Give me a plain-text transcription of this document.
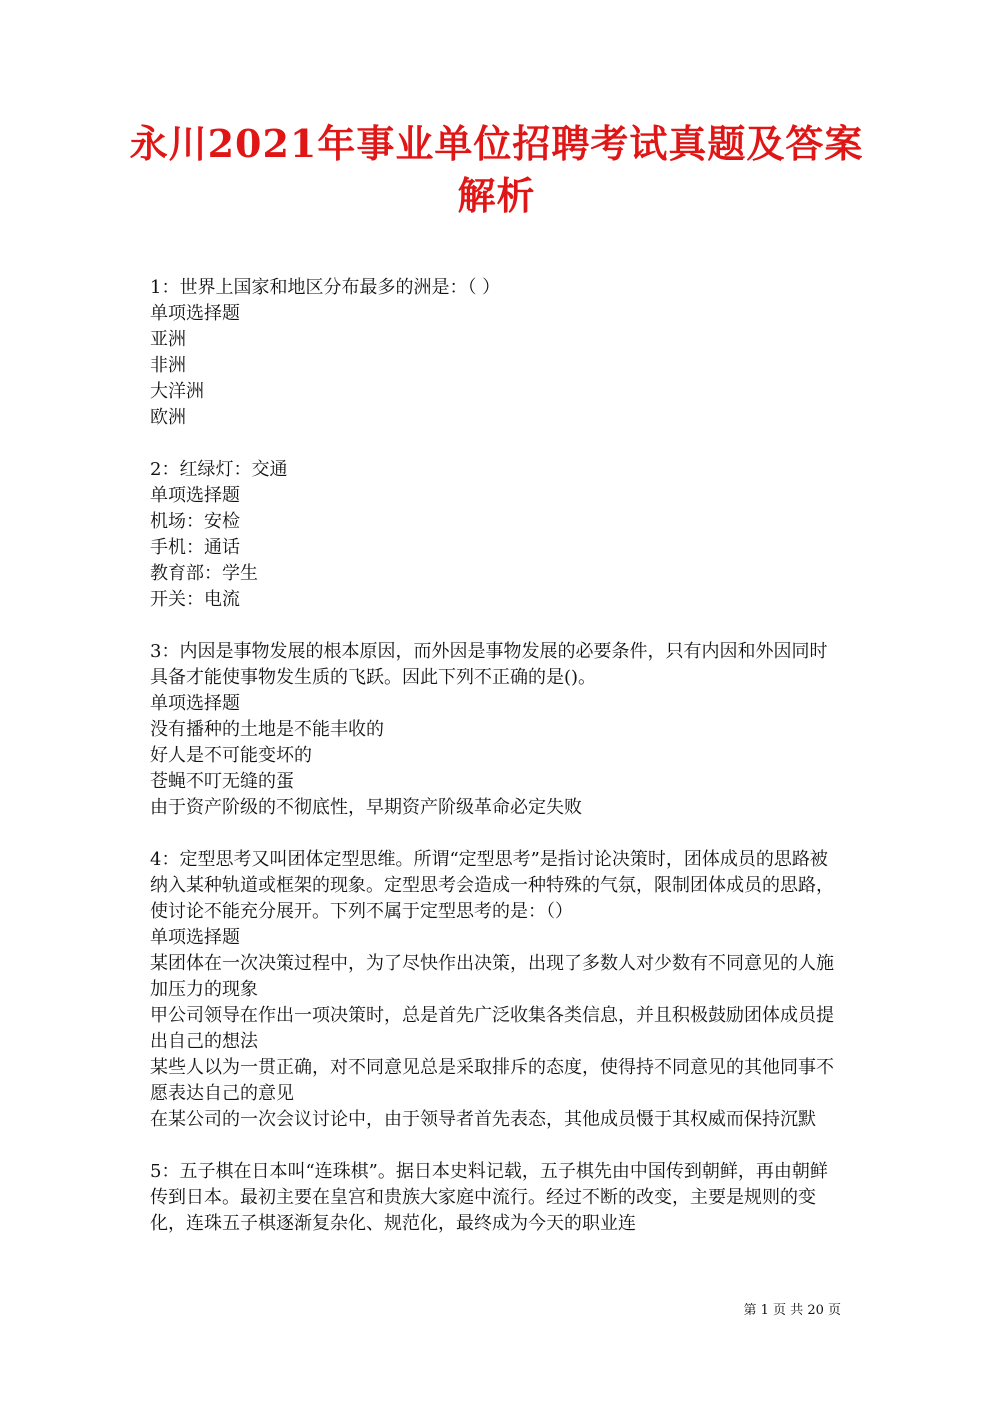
永川2021年事业单位招聘考试真题及答案解析
1：世界上国家和地区分布最多的洲是：（ ）
单项选择题
亚洲
非洲
大洋洲
欧洲
2：红绿灯：交通
单项选择题
机场：安检
手机：通话
教育部：学生
开关：电流
3：内因是事物发展的根本原因，而外因是事物发展的必要条件，只有内因和外因同时具备才能使事物发生质的飞跃。因此下列不正确的是()。
单项选择题
没有播种的土地是不能丰收的
好人是不可能变坏的
苍蝇不叮无缝的蛋
由于资产阶级的不彻底性，早期资产阶级革命必定失败
4：定型思考又叫团体定型思维。所谓“定型思考”是指讨论决策时，团体成员的思路被纳入某种轨道或框架的现象。定型思考会造成一种特殊的气氛，限制团体成员的思路，使讨论不能充分展开。下列不属于定型思考的是：（）
单项选择题
某团体在一次决策过程中，为了尽快作出决策，出现了多数人对少数有不同意见的人施加压力的现象
甲公司领导在作出一项决策时，总是首先广泛收集各类信息，并且积极鼓励团体成员提出自己的想法
某些人以为一贯正确，对不同意见总是采取排斥的态度，使得持不同意见的其他同事不愿表达自己的意见
在某公司的一次会议讨论中，由于领导者首先表态，其他成员慑于其权威而保持沉默
5：五子棋在日本叫“连珠棋”。据日本史料记载，五子棋先由中国传到朝鲜，再由朝鲜传到日本。最初主要在皇宫和贵族大家庭中流行。经过不断的改变，主要是规则的变化，连珠五子棋逐渐复杂化、规范化，最终成为今天的职业连
第 1 页 共 20 页
